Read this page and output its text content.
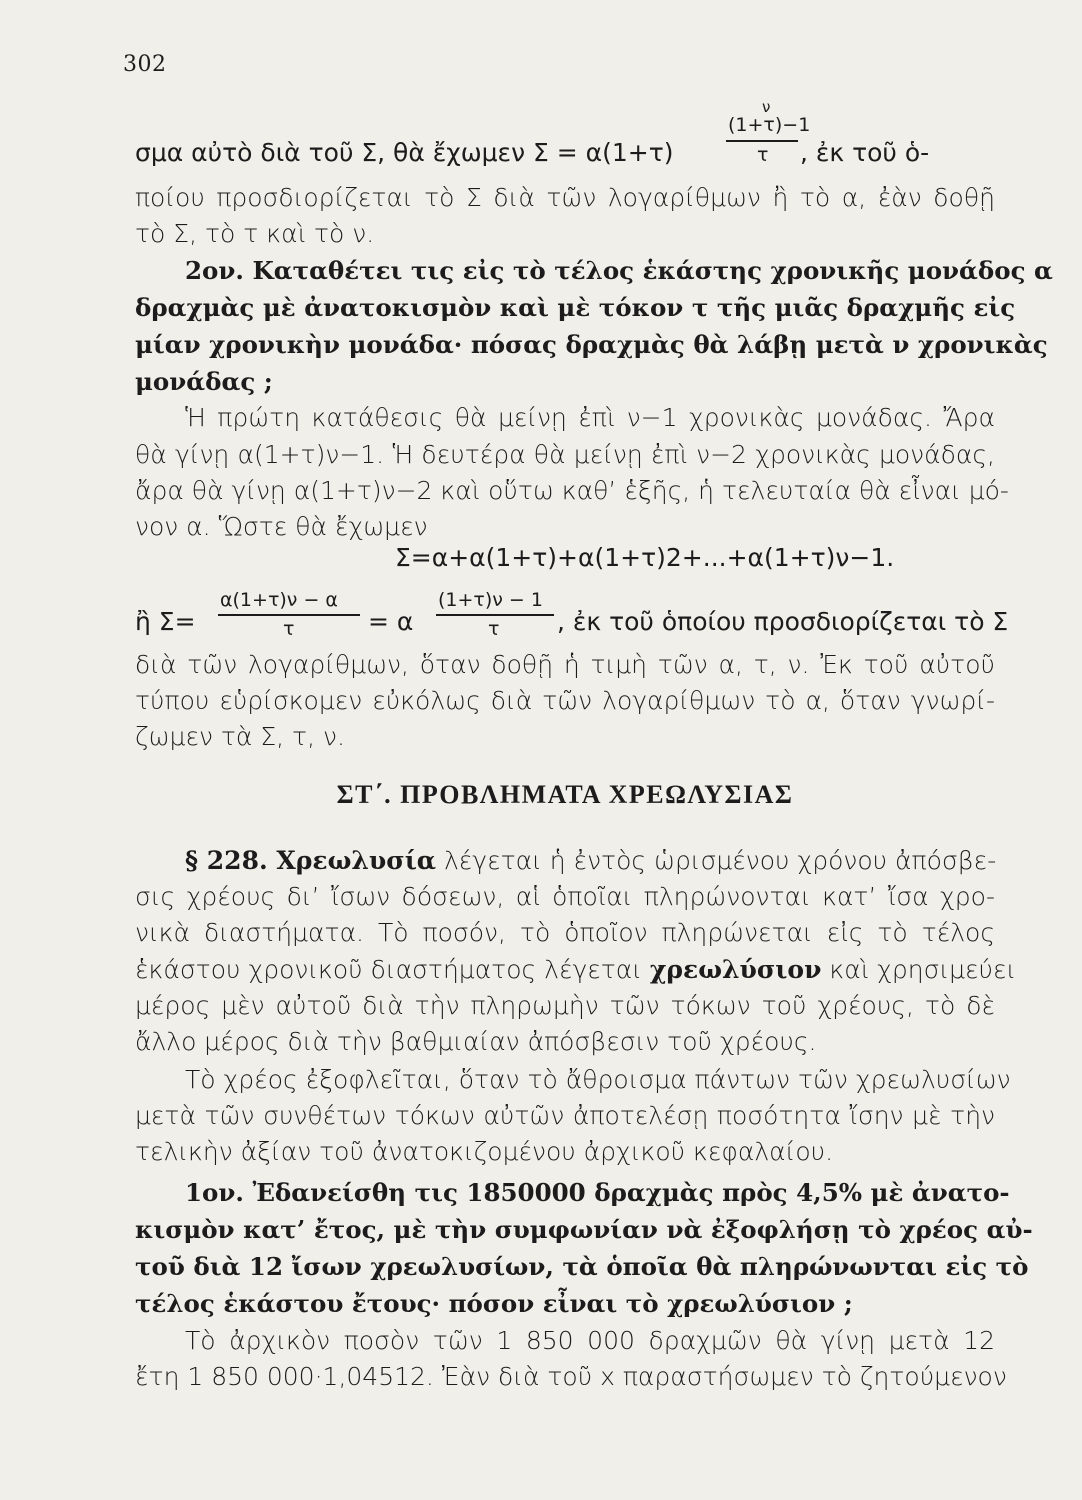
302
σμα αὐτὸ διὰ τοῦ Σ, θὰ ἔχωμεν Σ = α(1+τ)
ν
(1+τ)−1
τ , ἐκ τοῦ ὁ-
ποίου προσδιορίζεται τὸ Σ διὰ τῶν λογαρίθμων ἢ τὸ α, ἐὰν δοθῇ
τὸ Σ, τὸ τ καὶ τὸ ν.
2ον. Καταθέτει τις εἰς τὸ τέλος ἑκάστης χρονικῆς μονάδος α
δραχμὰς μὲ ἀνατοκισμὸν καὶ μὲ τόκον τ τῆς μιᾶς δραχμῆς εἰς
μίαν χρονικὴν μονάδα· πόσας δραχμὰς θὰ λάβῃ μετὰ ν χρονικὰς
μονάδας ;
Ἡ πρώτη κατάθεσις θὰ μείνῃ ἐπὶ ν−1 χρονικὰς μονάδας. Ἄρα
θὰ γίνῃ α(1+τ)ν−1. Ἡ δευτέρα θὰ μείνῃ ἐπὶ ν−2 χρονικὰς μονάδας,
ἄρα θὰ γίνῃ α(1+τ)ν−2 καὶ οὕτω καθ’ ἑξῆς, ἡ τελευταία θὰ εἶναι μό-
νον α. Ὥστε θὰ ἔχωμεν
Σ=α+α(1+τ)+α(1+τ)2+...+α(1+τ)ν−1.
ἢ Σ=
α(1+τ)ν − α
τ	= α
(1+τ)ν − 1
τ , ἐκ τοῦ ὁποίου προσδιορίζεται τὸ Σ
διὰ τῶν λογαρίθμων, ὅταν δοθῇ ἡ τιμὴ τῶν α, τ, ν. Ἐκ τοῦ αὐτοῦ
τύπου εὑρίσκομεν εὐκόλως διὰ τῶν λογαρίθμων τὸ α, ὅταν γνωρί-
ζωμεν τὰ Σ, τ, ν.
ΣΤ΄. ΠΡΟΒΛΗΜΑΤΑ ΧΡΕΩΛΥΣΙΑΣ
§ 228. Χρεωλυσία λέγεται ἡ ἐντὸς ὡρισμένου χρόνου ἀπόσβε-
σις χρέους δι’ ἴσων δόσεων, αἱ ὁποῖαι πληρώνονται κατ’ ἴσα χρο-
νικὰ διαστήματα. Τὸ ποσόν, τὸ ὁποῖον πληρώνεται εἰς τὸ τέλος
ἑκάστου χρονικοῦ διαστήματος λέγεται χρεωλύσιον καὶ χρησιμεύει
μέρος μὲν αὐτοῦ διὰ τὴν πληρωμὴν τῶν τόκων τοῦ χρέους, τὸ δὲ
ἄλλο μέρος διὰ τὴν βαθμιαίαν ἀπόσβεσιν τοῦ χρέους.
Τὸ χρέος ἐξοφλεῖται, ὅταν τὸ ἄθροισμα πάντων τῶν χρεωλυσίων
μετὰ τῶν συνθέτων τόκων αὐτῶν ἀποτελέσῃ ποσότητα ἴσην μὲ τὴν
τελικὴν ἀξίαν τοῦ ἀνατοκιζομένου ἀρχικοῦ κεφαλαίου.
1ον. Ἐδανείσθη τις 1850000 δραχμὰς πρὸς 4,5% μὲ ἀνατο-
κισμὸν κατ’ ἔτος, μὲ τὴν συμφωνίαν νὰ ἐξοφλήσῃ τὸ χρέος αὐ-
τοῦ διὰ 12 ἴσων χρεωλυσίων, τὰ ὁποῖα θὰ πληρώνωνται εἰς τὸ
τέλος ἑκάστου ἔτους· πόσον εἶναι τὸ χρεωλύσιον ;
Τὸ ἀρχικὸν ποσὸν τῶν 1 850 000 δραχμῶν θὰ γίνῃ μετὰ 12
ἔτη 1 850 000·1,04512. Ἐὰν διὰ τοῦ x παραστήσωμεν τὸ ζητούμενον
